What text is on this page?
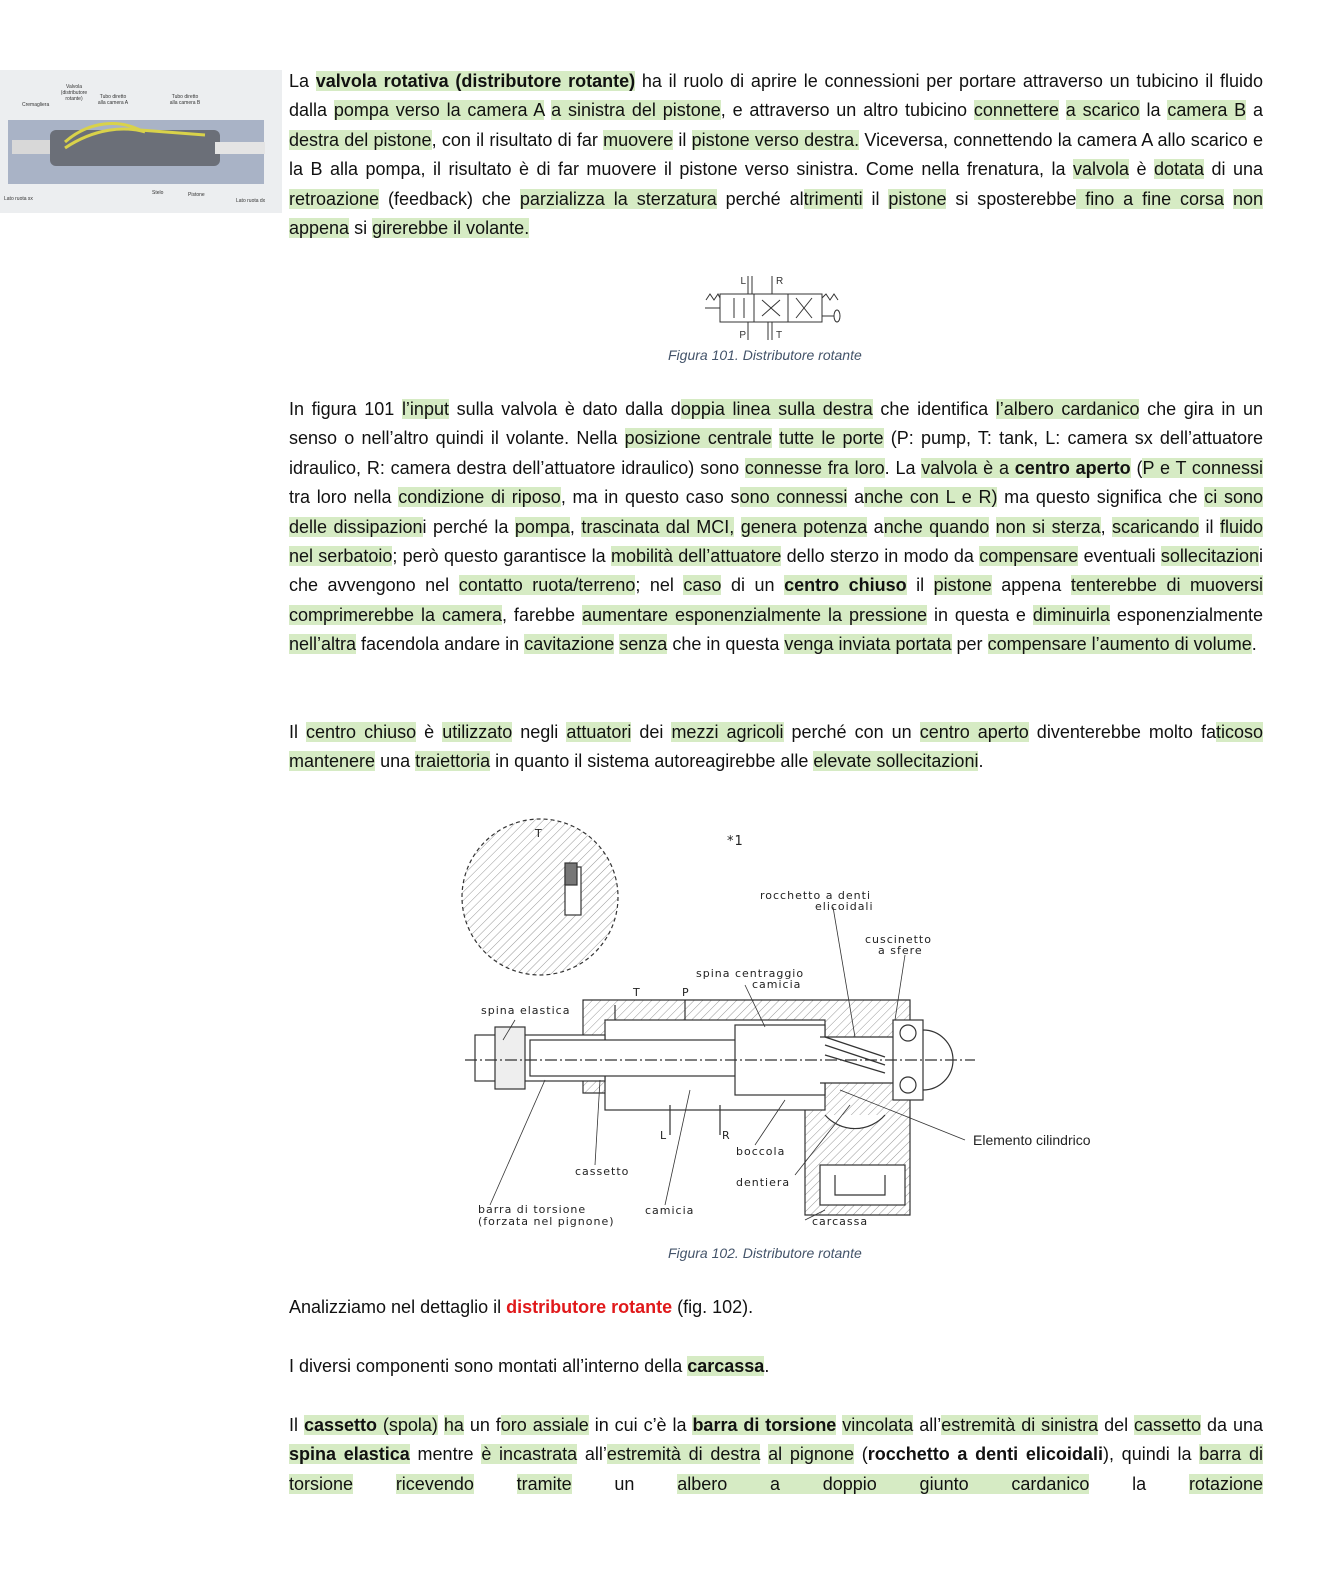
Cremagliera
Valvola (distributore rotante)	Tubo diretto alla camera A
Tubo diretto alla camera B
Lato ruota sx
Stelo	Pistone
Lato ruota dx
La valvola rotativa (distributore rotante) ha il ruolo di aprire le connessioni per portare attraverso un tubicino il fluido dalla pompa verso la camera A a sinistra del pistone, e attraverso un altro tubicino connettere a scarico la camera B a destra del pistone, con il risultato di far muovere il pistone verso destra. Viceversa, connettendo la camera A allo scarico e la B alla pompa, il risultato è di far muovere il pistone verso sinistra. Come nella frenatura, la valvola è dotata di una retroazione (feedback) che parzializza la sterzatura perché altrimenti il pistone si sposterebbe fino a fine corsa non appena si girerebbe il volante.
L	R
P	T
Figura 101. Distributore rotante
In figura 101 l’input sulla valvola è dato dalla doppia linea sulla destra che identifica l’albero cardanico che gira in un senso o nell’altro quindi il volante. Nella posizione centrale tutte le porte (P: pump, T: tank, L: camera sx dell’attuatore idraulico, R: camera destra dell’attuatore idraulico) sono connesse fra loro. La valvola è a centro aperto (P e T connessi tra loro nella condizione di riposo, ma in questo caso sono connessi anche con L e R) ma questo significa che ci sono delle dissipazioni perché la pompa, trascinata dal MCI, genera potenza anche quando non si sterza, scaricando il fluido nel serbatoio; però questo garantisce la mobilità dell’attuatore dello sterzo in modo da compensare eventuali sollecitazioni che avvengono nel contatto ruota/terreno; nel caso di un centro chiuso il pistone appena tenterebbe di muoversi comprimerebbe la camera, farebbe aumentare esponenzialmente la pressione in questa e diminuirla esponenzialmente nell’altra facendola andare in cavitazione senza che in questa venga inviata portata per compensare l’aumento di volume.
Il centro chiuso è utilizzato negli attuatori dei mezzi agricoli perché con un centro aperto diventerebbe molto faticoso mantenere una traiettoria in quanto il sistema autoreagirebbe alle elevate sollecitazioni.
*1
T
rocchetto a denti
elicoidali
cuscinetto
a sfere
spina centraggio
camicia
T	P
spina elastica
L	R	Elemento cilindrico
boccola
cassetto
dentiera
barra di torsione
(forzata nel pignone)
camicia
carcassa
Figura 102. Distributore rotante
Analizziamo nel dettaglio il distributore rotante (fig. 102).
I diversi componenti sono montati all’interno della carcassa.
Il cassetto (spola) ha un foro assiale in cui c’è la barra di torsione vincolata all’estremità di sinistra del cassetto da una spina elastica mentre è incastrata all’estremità di destra al pignone (rocchetto a denti elicoidali), quindi la barra di torsione ricevendo tramite un albero a doppio giunto cardanico la rotazione
